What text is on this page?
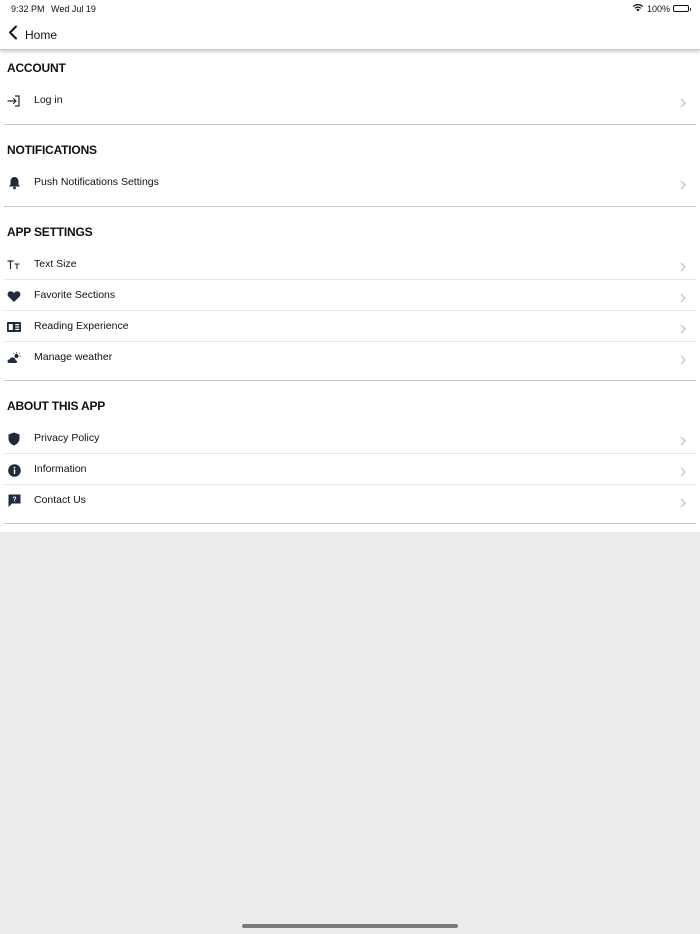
9:32 PM Wed Jul 19	100%
Home
ACCOUNT
Log in
NOTIFICATIONS
Push Notifications Settings
APP SETTINGS
Text Size
Favorite Sections
Reading Experience
Manage weather
ABOUT THIS APP
Privacy Policy
Information
? Contact Us
